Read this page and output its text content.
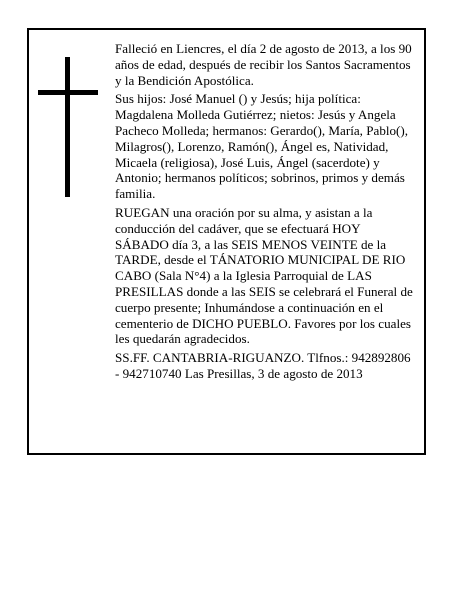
Falleció en Liencres, el día 2 de agosto de 2013, a los 90 años de edad, después de recibir los Santos Sacramentos y la Bendición Apostólica.

Sus hijos: José Manuel () y Jesús; hija política: Magdalena Molleda Gutiérrez; nietos: Jesús y Angela Pacheco Molleda; hermanos: Gerardo(), María, Pablo(), Milagros(), Lorenzo, Ramón(), Ángel es, Natividad, Micaela (religiosa), José Luis, Ángel (sacerdote) y Antonio; hermanos políticos; sobrinos, primos y demás familia.

RUEGAN una oración por su alma, y asistan a la conducción del cadáver, que se efectuará HOY SÁBADO día 3, a las SEIS MENOS VEINTE de la TARDE, desde el TÁNATORIO MUNICIPAL DE RIO CABO (Sala N°4) a la Iglesia Parroquial de LAS PRESILLAS donde a las SEIS se celebrará el Funeral de cuerpo presente; Inhumándose a continuación en el cementerio de DICHO PUEBLO. Favores por los cuales les quedarán agradecidos.

SS.FF. CANTABRIA-RIGUANZO. Tlfnos.: 942892806 - 942710740 Las Presillas, 3 de agosto de 2013
